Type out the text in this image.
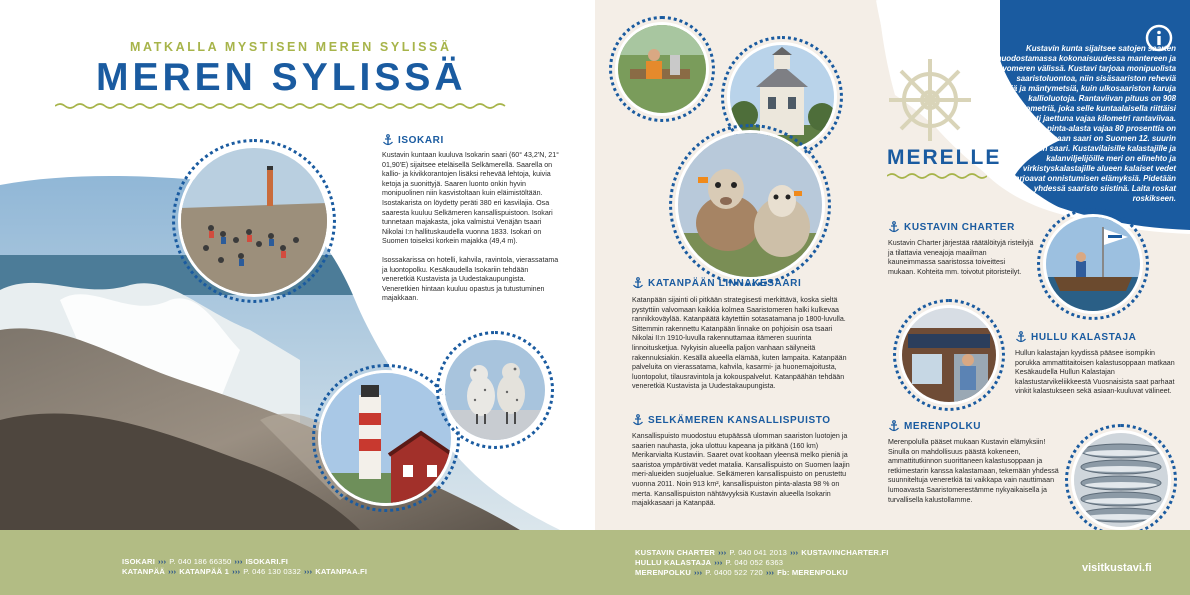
MATKALLA MYSTISEN MEREN SYLISSÄ
MEREN SYLISSÄ
ISOKARI

Kustavin kuntaan kuuluva Isokarin saari (60° 43,2'N, 21° 01,90'E) sijaitsee eteläisellä Selkämerellä. Saarella on kallio- ja kivikkorantojen lisäksi rehevää lehtoja, kuivia ketoja ja suonittyjä. Saaren luonto onkin hyvin monipuolinen niin kasvistoltaan kuin eläimistöltään. Isostakarista on löydetty peräti 380 eri kasvilajia. Osa saaresta kuuluu Selkämeren kansallispuistoon. Isokari tunnetaan majakasta, joka valmistui Venäjän tsaari Nikolai I:n hallituskaudella vuonna 1833. Isokari on Suomen toiseksi korkein majakka (49,4 m).

Isossakarissa on hotelli, kahvila, ravintola, vierassatama ja luontopolku. Kesäkaudella Isokariin tehdään veneretkiä Kustavista ja Uudestakaupungista. Veneretkien hintaan kuuluu opastus ja tutustuminen majakkaan.

MERELLE
KATANPÄÄN LINNAKESAARI

Katanpään sijainti oli pitkään strategisesti merkittävä, koska sieltä pystyttiin valvomaan kaikkia kolmea Saaristomeren halki kulkevaa rannikkoväylää. Katanpäätä käytettiin sotasatamana jo 1800-luvulla. Sittemmin rakennettu Katanpään linnake on pohjoisin osa tsaari Nikolai II:n 1910-luvulla rakennuttamaa itämeren suurinta linnoitusketjua. Nykyisin alueella paljon vanhaan säilyneitä rakennuksiakin. Kesällä alueella elämää, kuten lampaita. Katanpään palveluita on vierassatama, kahvila, kasarmi- ja huonemajoitusta, luontopolut, tilausravintola ja kokouspalvelut. Katanpäähän tehdään veneretkiä Kustavista ja Uudestakaupungista.

SELKÄMEREN KANSALLISPUISTO

Kansallispuisto muodostuu etupäässä ulomman saariston luotojen ja saarien nauhasta, joka ulottuu kapeana ja pitkänä (160 km) Merikarvialta Kustaviin. Saaret ovat kooltaan yleensä melko pieniä ja saaristoa ympäröivät vedet matalia. Kansallispuisto on Suomen laajin meri-alueiden suojelualue. Selkämeren kansallispuisto on perustettu vuonna 2011. Noin 913 km², kansallispuiston pinta-alasta 98 % on merta. Kansallispuiston nähtävyyksiä Kustavin alueella Isokarin majakkasaari ja Katanpää.

KUSTAVIN CHARTER

Kustavin Charter järjestää räätälöityjä risteilyjä ja tilattavia veneajoja maailman kauneimmassa saaristossa toiveittesi mukaan. Kohteita mm. toivotut pitoristeilyt.

HULLU KALASTAJA

Hullun kalastajan kyydissä pääsee isompikin porukka ammattitaitoisen kalastusoppaan matkaan Kesäkaudella Hullun Kalastajan kalastustarvikeliikkeestä Vuosnaisista saat parhaat vinkit kalastukseen sekä asiaan-kuuluvat välineet.

MERENPOLKU

Merenpolulla pääset mukaan Kustavin elämyksiin! Sinulla on mahdollisuus päästä kokeneen, ammattitutkinnon suorittaneen kalastusoppaan ja retkimestarin kanssa kalastamaan, tekemään yhdessä suunniteltuja veneretkiä tai vaikkapa vain nauttimaan lumoavasta Saaristomerestämme nykyaikaisella ja turvallisella kalustollamme.

Kustavin kunta sijaitsee satojen saarten muodostamassa kokonaisuudessa mantereen ja avomeren välissä. Kustavi tarjoaa monipuolista saaristoluontoa, niin sisäsaariston reheviä niittyjä ja mäntymetsiä, kuin ulkosaariston karuja kallioluotoja. Rantaviivan pituus on 908 kilometriä, joka selle kuntaalaisella riittäisi tasaisesti jaettuna vajaa kilometri rantaviivaa. Kustavin pinta-alasta vajaa 80 prosenttia on merta. Kivimaan saari on Suomen 12. suurin merialueen saari. Kustavilaisille kalastajille ja kalanviljelijöille meri on elinehto ja virkistyskalastajille alueen kalaiset vedet tarjoavat onnistumisen elämyksiä. Pidetään yhdessä saaristo siistinä. Laita roskat roskikseen.

ISOKARI ››› P. 040 186 66350 ››› ISOKARI.FI
KATANPÄÄ ››› KATANPÄÄ 1 ››› P. 046 130 0332 ››› KATANPAA.FI
KUSTAVIN CHARTER ››› P. 040 041 2013 ››› KUSTAVINCHARTER.FI
HULLU KALASTAJA ››› P. 040 052 6363
MERENPOLKU ››› P. 0400 522 720 ››› Fb: MERENPOLKU	visitkustavi.fi
